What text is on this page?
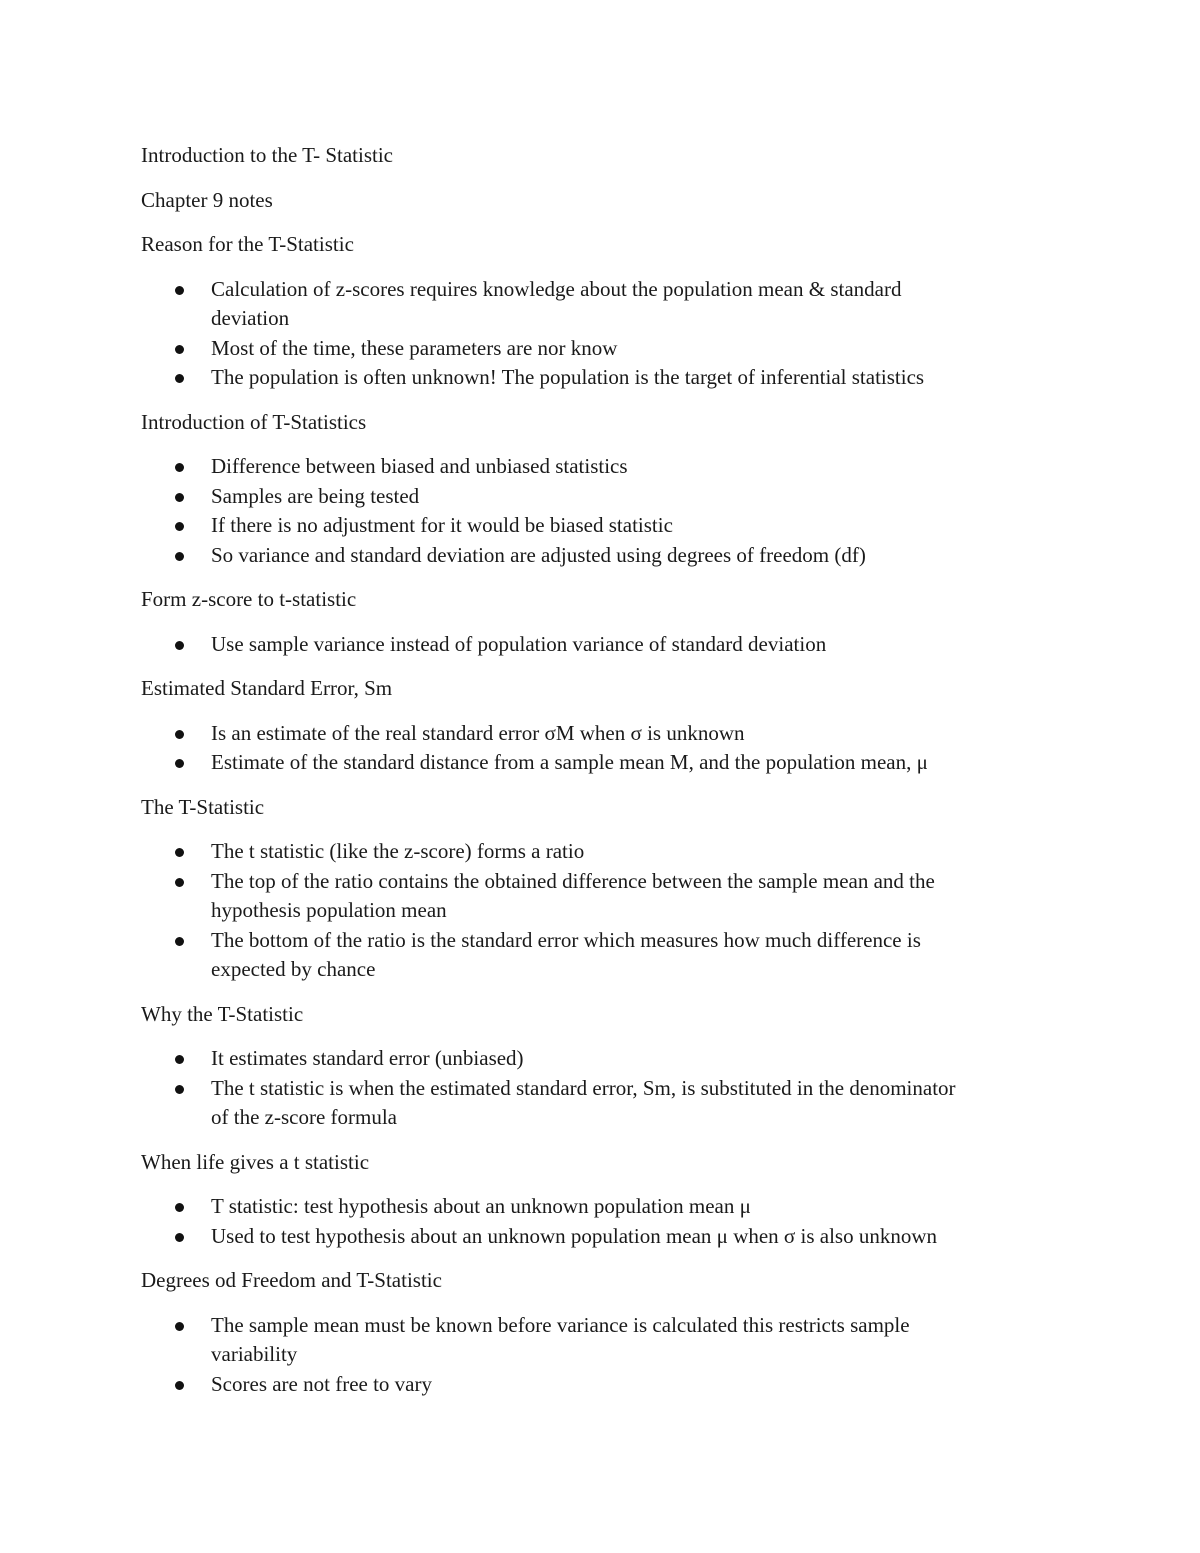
Introduction to the T- Statistic

Chapter 9 notes

Reason for the T-Statistic

Calculation of z-scores requires knowledge about the population mean & standard
deviation
Most of the time, these parameters are nor know
The population is often unknown! The population is the target of inferential statistics

Introduction of T-Statistics

Difference between biased and unbiased statistics
Samples are being tested
If there is no adjustment for it would be biased statistic
So variance and standard deviation are adjusted using degrees of freedom (df)

Form z-score to t-statistic

Use sample variance instead of population variance of standard deviation

Estimated Standard Error, Sm

Is an estimate of the real standard error σM when σ is unknown
Estimate of the standard distance from a sample mean M, and the population mean, μ

The T-Statistic

The t statistic (like the z-score) forms a ratio
The top of the ratio contains the obtained difference between the sample mean and the
hypothesis population mean
The bottom of the ratio is the standard error which measures how much difference is
expected by chance

Why the T-Statistic

It estimates standard error (unbiased)
The t statistic is when the estimated standard error, Sm, is substituted in the denominator
of the z-score formula

When life gives a t statistic

T statistic: test hypothesis about an unknown population mean μ
Used to test hypothesis about an unknown population mean μ when σ is also unknown

Degrees od Freedom and T-Statistic

The sample mean must be known before variance is calculated this restricts sample
variability
Scores are not free to vary
